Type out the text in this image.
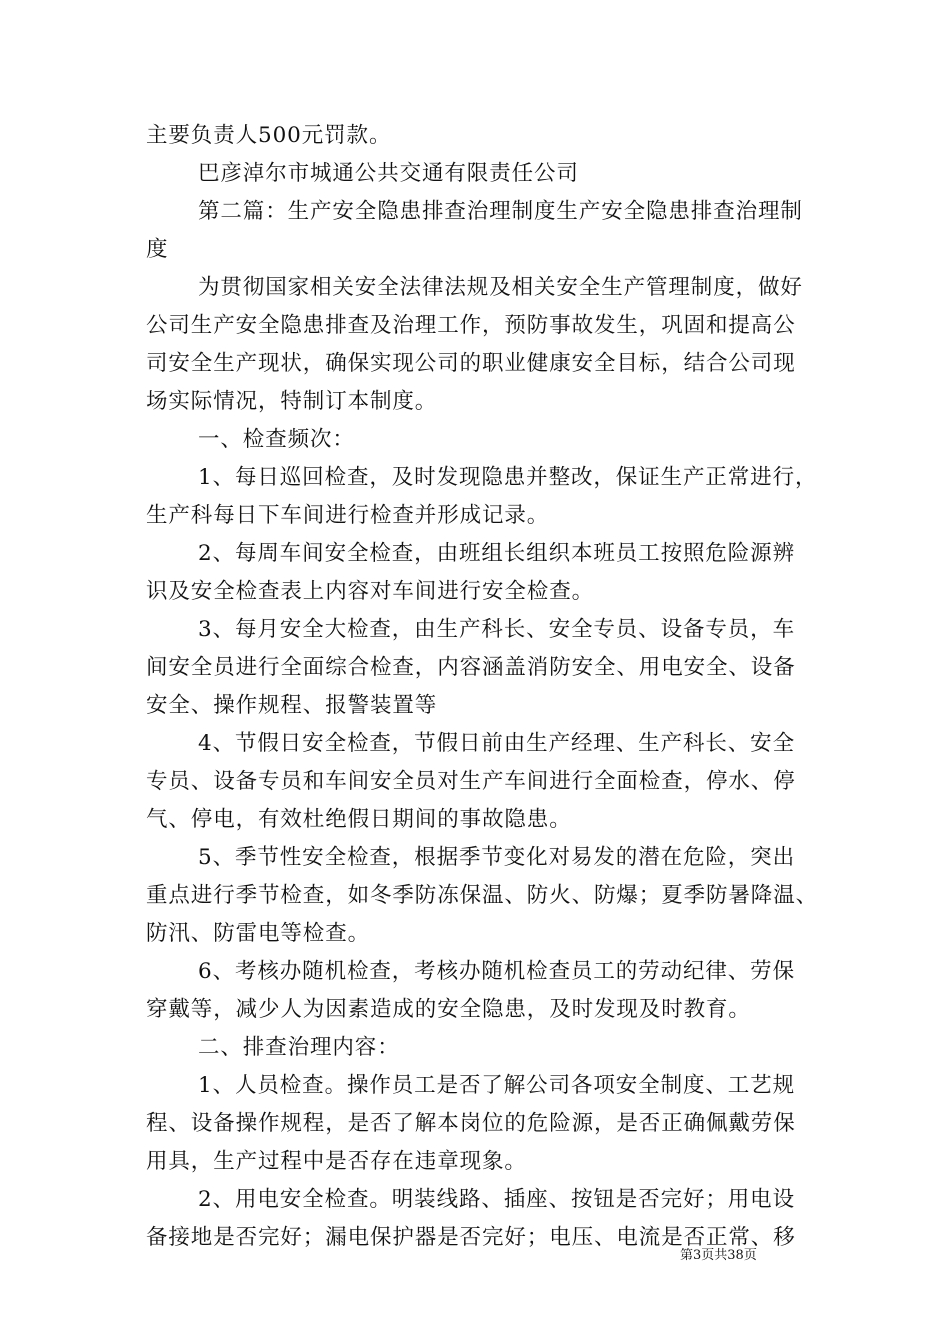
主要负责人500元罚款。
巴彦淖尔市城通公共交通有限责任公司
第二篇：生产安全隐患排查治理制度生产安全隐患排查治理制
度
为贯彻国家相关安全法律法规及相关安全生产管理制度，做好
公司生产安全隐患排查及治理工作，预防事故发生，巩固和提高公
司安全生产现状，确保实现公司的职业健康安全目标，结合公司现
场实际情况，特制订本制度。
一、检查频次：
1、每日巡回检查，及时发现隐患并整改，保证生产正常进行，
生产科每日下车间进行检查并形成记录。
2、每周车间安全检查，由班组长组织本班员工按照危险源辨
识及安全检查表上内容对车间进行安全检查。
3、每月安全大检查，由生产科长、安全专员、设备专员，车
间安全员进行全面综合检查，内容涵盖消防安全、用电安全、设备
安全、操作规程、报警装置等
4、节假日安全检查，节假日前由生产经理、生产科长、安全
专员、设备专员和车间安全员对生产车间进行全面检查，停水、停
气、停电，有效杜绝假日期间的事故隐患。
5、季节性安全检查，根据季节变化对易发的潜在危险，突出
重点进行季节检查，如冬季防冻保温、防火、防爆；夏季防暑降温、
防汛、防雷电等检查。
6、考核办随机检查，考核办随机检查员工的劳动纪律、劳保
穿戴等，减少人为因素造成的安全隐患，及时发现及时教育。
二、排查治理内容：
1、人员检查。操作员工是否了解公司各项安全制度、工艺规
程、设备操作规程，是否了解本岗位的危险源，是否正确佩戴劳保
用具，生产过程中是否存在违章现象。
2、用电安全检查。明装线路、插座、按钮是否完好；用电设
备接地是否完好；漏电保护器是否完好；电压、电流是否正常、移
第3页共38页
